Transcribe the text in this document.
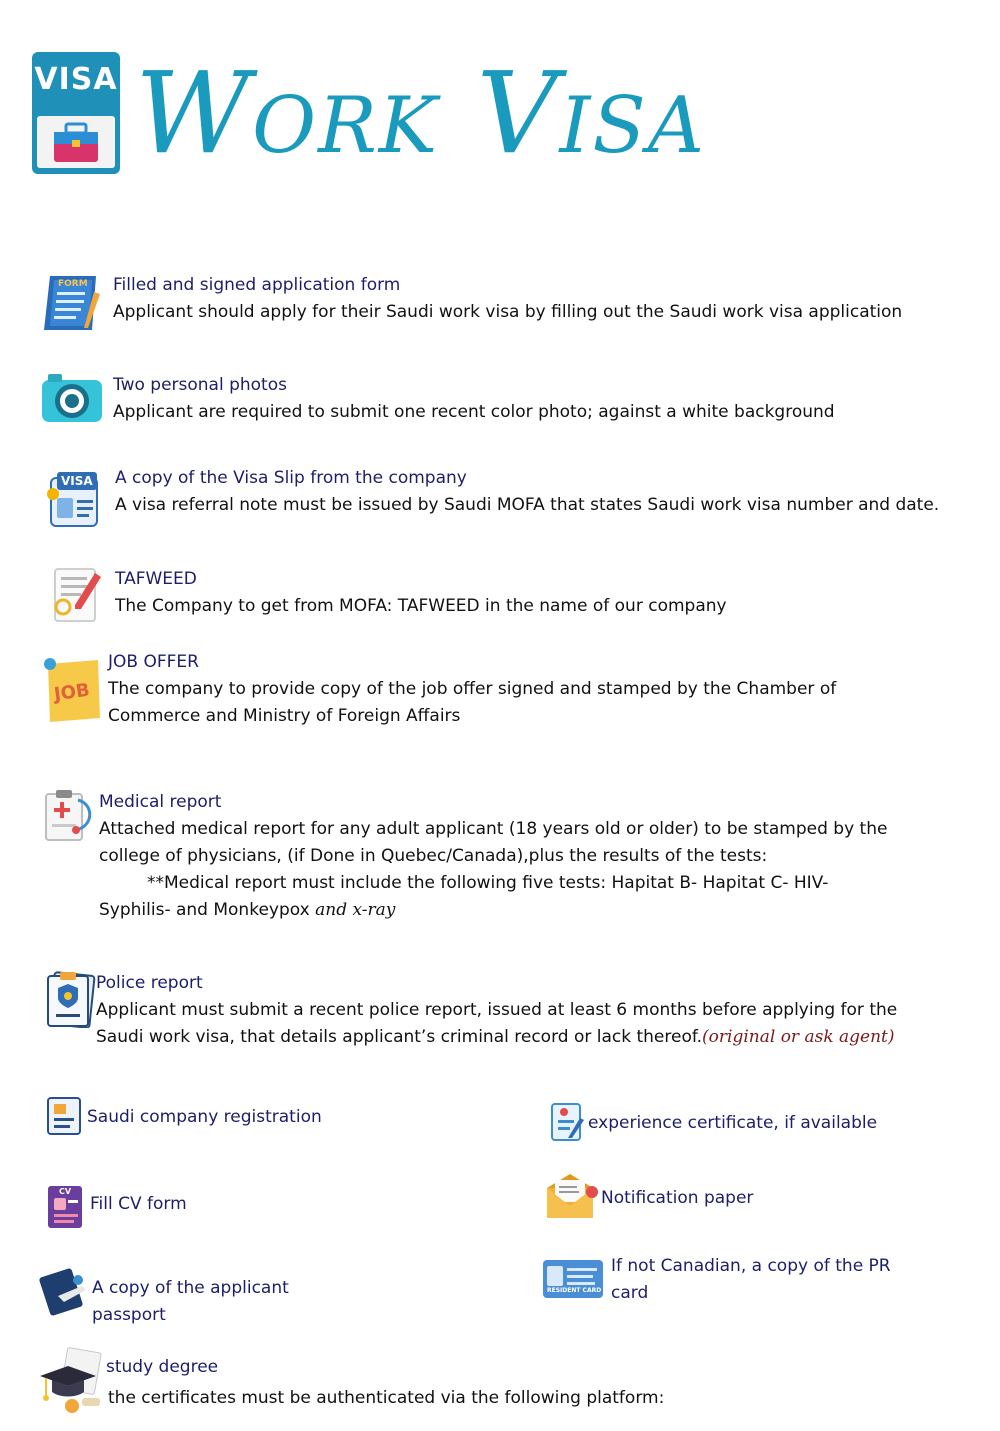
VISA Work Visa
FORM Filled and signed application form
Applicant should apply for their Saudi work visa by filling out the Saudi work visa application
Two personal photos
Applicant are required to submit one recent color photo; against a white background
VISA A copy of the Visa Slip from the company
A visa referral note must be issued by Saudi MOFA that states Saudi work visa number and date.
TAFWEED
The Company to get from MOFA: TAFWEED in the name of our company
JOB
JOB OFFER
The company to provide copy of the job offer signed and stamped by the Chamber of Commerce and Ministry of Foreign Affairs
Medical report
Attached medical report for any adult applicant (18 years old or older) to be stamped by the college of physicians, (if Done in Quebec/Canada),plus the results of the tests:
**Medical report must include the following five tests: Hapitat B- Hapitat C- HIV-
Syphilis- and Monkeypox and x-ray
Police report
Applicant must submit a recent police report, issued at least 6 months before applying for the Saudi work visa, that details applicant’s criminal record or lack thereof.(original or ask agent)
Saudi company registration
CV
Fill CV form
A copy of the applicant passport
experience certificate, if available
Notification paper
RESIDENT CARD
If not Canadian, a copy of the PR card
study degree
the certificates must be authenticated via the following platform:
